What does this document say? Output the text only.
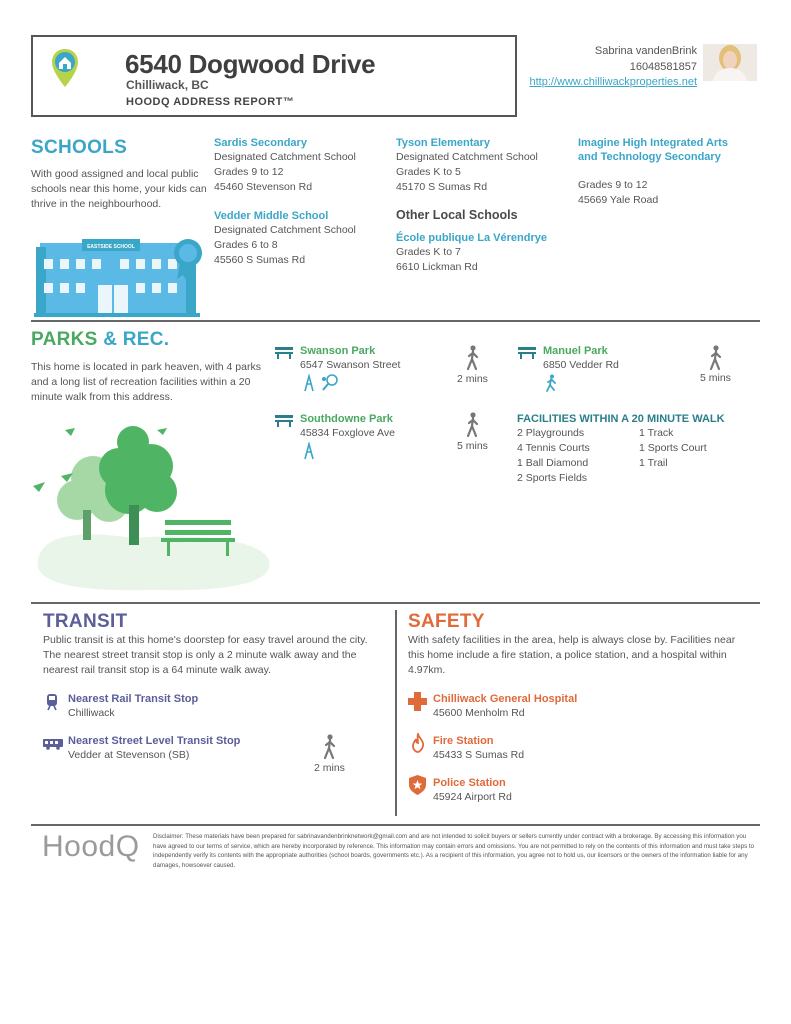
6540 Dogwood Drive
Chilliwack, BC
HOODQ ADDRESS REPORT™
Sabrina vandenBrink
16048581857
http://www.chilliwackproperties.net
SCHOOLS
With good assigned and local public schools near this home, your kids can thrive in the neighbourhood.
EASTSIDE SCHOOL
Sardis Secondary
Designated Catchment School
Grades 9 to 12
45460 Stevenson Rd
Vedder Middle School
Designated Catchment School
Grades 6 to 8
45560 S Sumas Rd
Tyson Elementary
Designated Catchment School
Grades K to 5
45170 S Sumas Rd
Other Local Schools
École publique La Vérendrye
Grades K to 7
6610 Lickman Rd
Imagine High Integrated Arts and Technology Secondary
Grades 9 to 12
45669 Yale Road
PARKS & REC.
This home is located in park heaven, with 4 parks and a long list of recreation facilities within a 20 minute walk from this address.
Swanson Park
6547 Swanson Street
2 mins
Manuel Park
6850 Vedder Rd
5 mins
Southdowne Park
45834 Foxglove Ave
5 mins
FACILITIES WITHIN A 20 MINUTE WALK
2 Playgrounds
4 Tennis Courts
1 Ball Diamond
2 Sports Fields
1 Track
1 Sports Court
1 Trail
TRANSIT
Public transit is at this home's doorstep for easy travel around the city. The nearest street transit stop is only a 2 minute walk away and the nearest rail transit stop is a 64 minute walk away.
Nearest Rail Transit Stop
Chilliwack
Nearest Street Level Transit Stop
Vedder at Stevenson (SB)
2 mins
SAFETY
With safety facilities in the area, help is always close by. Facilities near this home include a fire station, a police station, and a hospital within 4.97km.
Chilliwack General Hospital
45600 Menholm Rd
Fire Station
45433 S Sumas Rd
Police Station
45924 Airport Rd
HoodQ Disclaimer: These materials have been prepared for sabrinavandenbrinknetwork@gmail.com and are not intended to solicit buyers or sellers currently under contract with a brokerage. By accessing this information you have agreed to our terms of service, which are hereby incorporated by reference. This information may contain errors and omissions. You are not permitted to rely on the contents of this information and must take steps to independently verify its contents with the appropriate authorities (school boards, governments etc.). As a recipient of this information, you agree not to hold us, our licensors or the owners of the information liable for any damages, howsoever caused.
